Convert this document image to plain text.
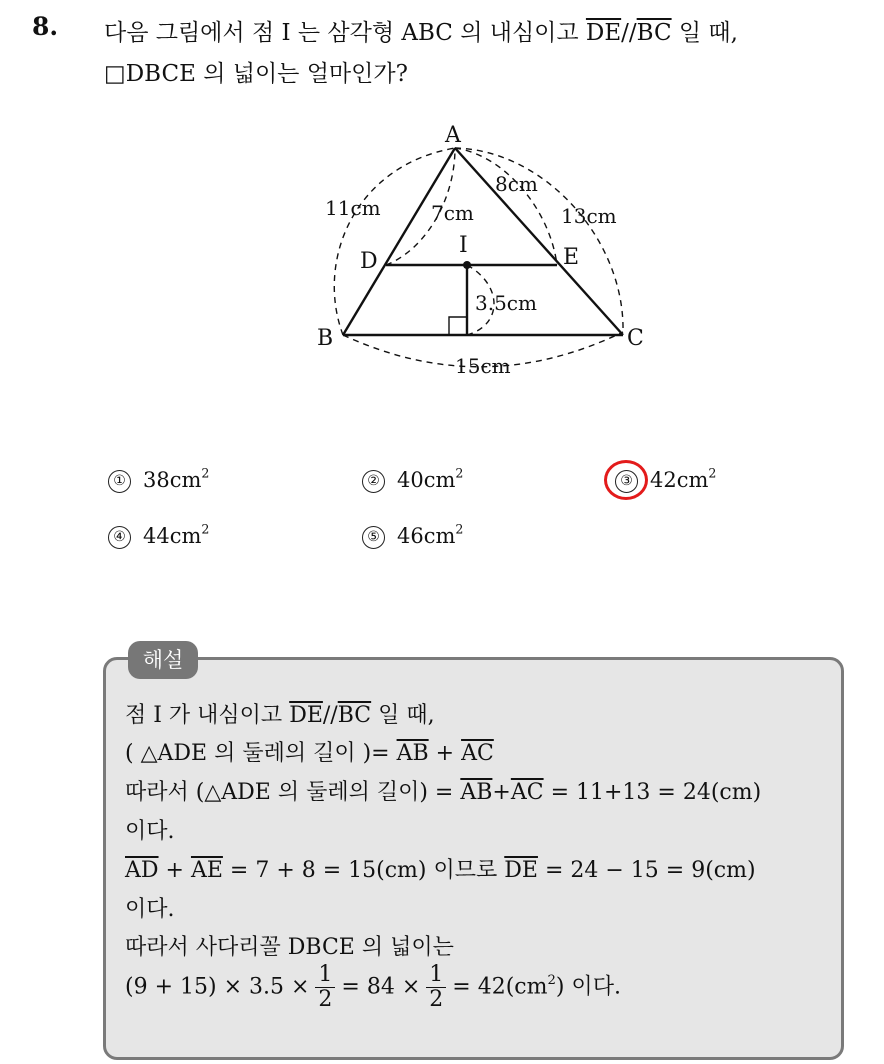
8. 다음 그림에서 점 I 는 삼각형 ABC 의 내심이고 $\overline{DE}//\overline{BC}$ 일 때,
□DBCE 의 넓이는 얼마인가?
A
B	C
D	E
I
11cm	7cm
8cm
13cm
3.5cm
15cm
① $38cm^2$	② $40cm^2$	③ $42cm^2$
④ $44cm^2$	⑤ $46cm^2$
해설
점 I 가 내심이고 $\overline{DE}//\overline{BC}$ 일 때,
( △ADE 의 둘레의 길이 )= $\overline{AB} + \overline{AC}$
따라서 (△ADE 의 둘레의 길이) = $\overline{AB}+\overline{AC} = 11+13 = 24(cm)$
이다.
$\overline{AD} + \overline{AE} = 7 + 8 = 15(cm)$ 이므로 $\overline{DE} = 24 - 15 = 9(cm)$
이다.
따라서 사다리꼴 DBCE 의 넓이는
$(9 + 15) \times 3.5 \times \frac{1}{2} = 84 \times \frac{1}{2} = 42(cm^2)$ 이다.
